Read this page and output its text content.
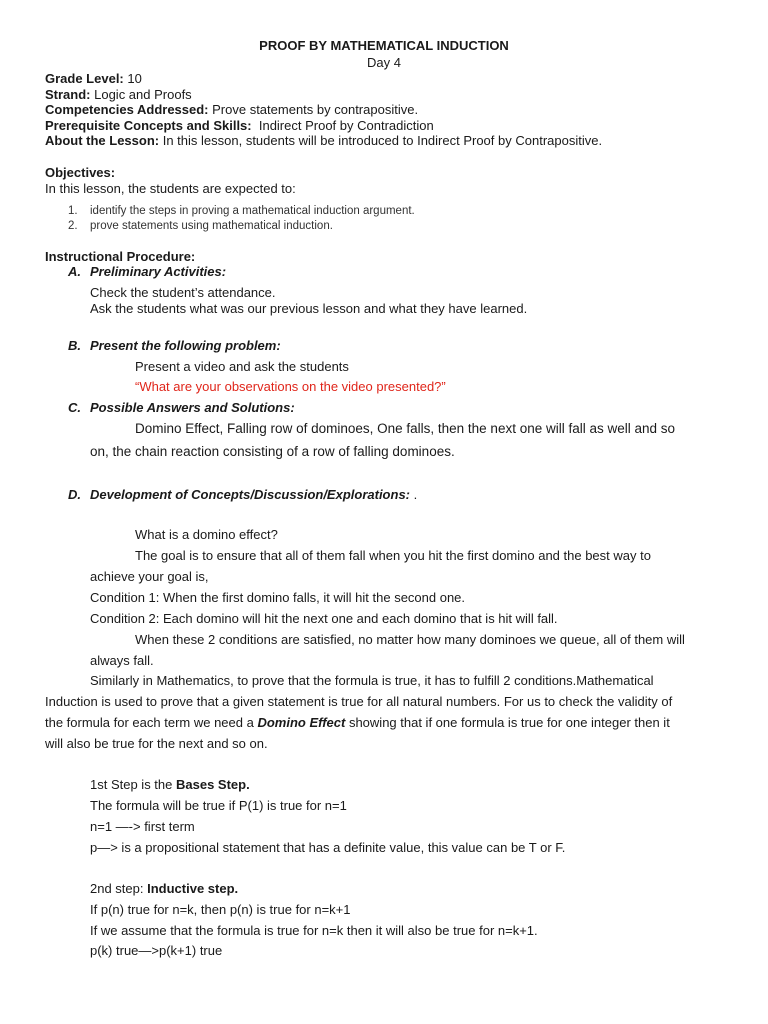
PROOF BY MATHEMATICAL INDUCTION
Day 4
Grade Level: 10
Strand: Logic and Proofs
Competencies Addressed: Prove statements by contrapositive.
Prerequisite Concepts and Skills:  Indirect Proof by Contradiction
About the Lesson: In this lesson, students will be introduced to Indirect Proof by Contrapositive.
Objectives:
In this lesson, the students are expected to:
1. identify the steps in proving a mathematical induction argument.
2. prove statements using mathematical induction.
Instructional Procedure:
A. Preliminary Activities:
Check the student’s attendance.
Ask the students what was our previous lesson and what they have learned.
B. Present the following problem:
Present a video and ask the students
“What are your observations on the video presented?”
C. Possible Answers and Solutions:
Domino Effect, Falling row of dominoes, One falls, then the next one will fall as well and so
on, the chain reaction consisting of a row of falling dominoes.
D. Development of Concepts/Discussion/Explorations: .
What is a domino effect?
The goal is to ensure that all of them fall when you hit the first domino and the best way to
achieve your goal is,
Condition 1: When the first domino falls, it will hit the second one.
Condition 2: Each domino will hit the next one and each domino that is hit will fall.
When these 2 conditions are satisfied, no matter how many dominoes we queue, all of them will
always fall.
Similarly in Mathematics, to prove that the formula is true, it has to fulfill 2 conditions.Mathematical
Induction is used to prove that a given statement is true for all natural numbers. For us to check the validity of
the formula for each term we need a Domino Effect showing that if one formula is true for one integer then it
will also be true for the next and so on.
1st Step is the Bases Step.
The formula will be true if P(1) is true for n=1
n=1 —-> first term
p—> is a propositional statement that has a definite value, this value can be T or F.
2nd step: Inductive step.
If p(n) true for n=k, then p(n) is true for n=k+1
If we assume that the formula is true for n=k then it will also be true for n=k+1.
p(k) true—>p(k+1) true
